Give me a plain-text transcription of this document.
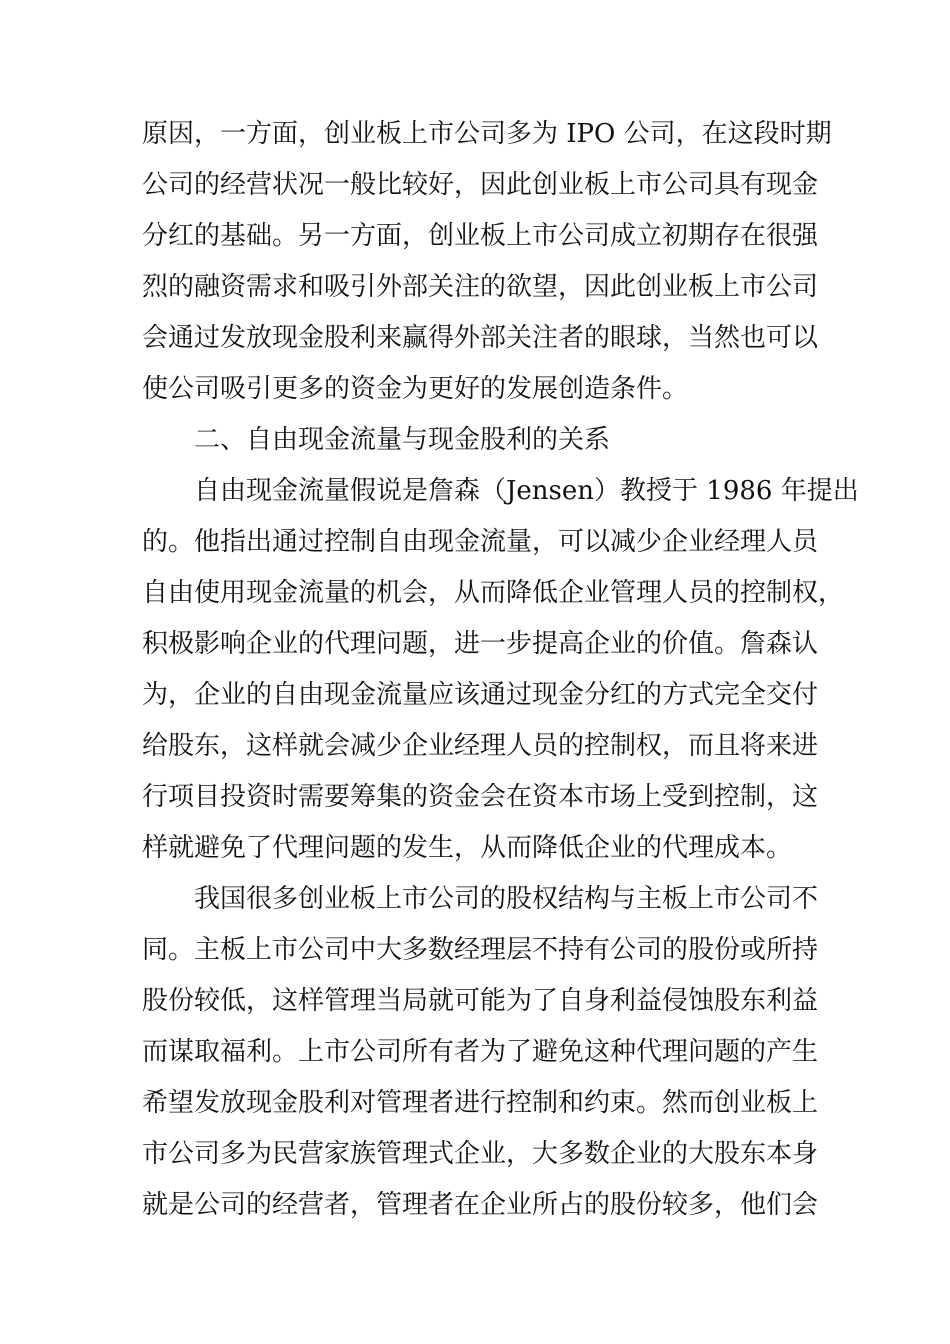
原因，一方面，创业板上市公司多为 IPO 公司，在这段时期
公司的经营状况一般比较好，因此创业板上市公司具有现金
分红的基础。另一方面，创业板上市公司成立初期存在很强
烈的融资需求和吸引外部关注的欲望，因此创业板上市公司
会通过发放现金股利来赢得外部关注者的眼球，当然也可以
使公司吸引更多的资金为更好的发展创造条件。
二、自由现金流量与现金股利的关系
自由现金流量假说是詹森（Jensen）教授于 1986 年提出
的。他指出通过控制自由现金流量，可以减少企业经理人员
自由使用现金流量的机会，从而降低企业管理人员的控制权，
积极影响企业的代理问题，进一步提高企业的价值。詹森认
为，企业的自由现金流量应该通过现金分红的方式完全交付
给股东，这样就会减少企业经理人员的控制权，而且将来进
行项目投资时需要筹集的资金会在资本市场上受到控制，这
样就避免了代理问题的发生，从而降低企业的代理成本。
我国很多创业板上市公司的股权结构与主板上市公司不
同。主板上市公司中大多数经理层不持有公司的股份或所持
股份较低，这样管理当局就可能为了自身利益侵蚀股东利益
而谋取福利。上市公司所有者为了避免这种代理问题的产生
希望发放现金股利对管理者进行控制和约束。然而创业板上
市公司多为民营家族管理式企业，大多数企业的大股东本身
就是公司的经营者，管理者在企业所占的股份较多，他们会
